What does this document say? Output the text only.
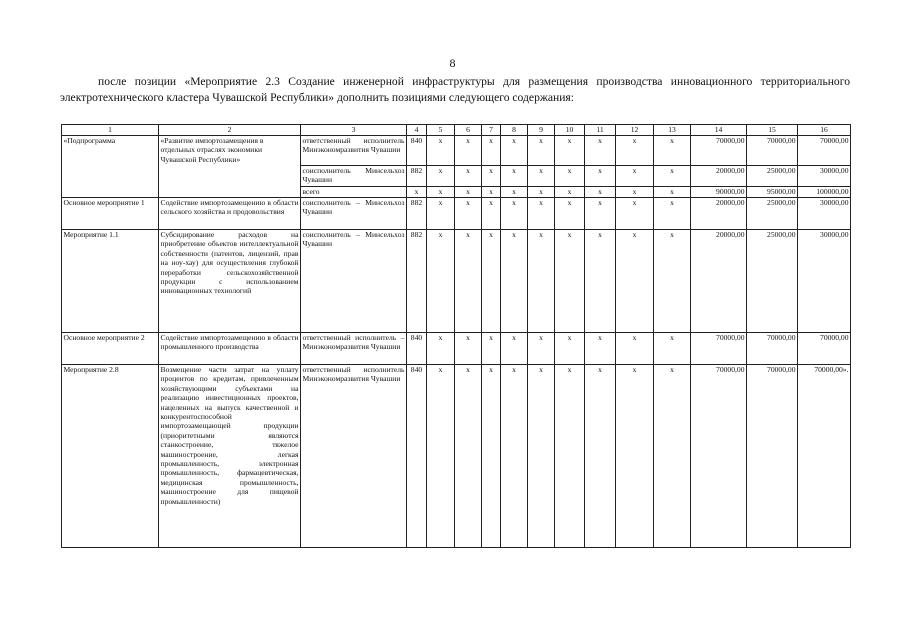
8

после позиции «Мероприятие 2.3 Создание инженерной инфраструктуры для размещения производства инновационного территориального электротехнического кластера Чувашской Республики» дополнить позициями следующего содержания:

1	2	3	4	5	6	7	8	9	10	11	12	13	14	15	16
«Подпрограмма	«Развитие импортозамещения в отдельных отраслях экономики Чувашской Республики»	ответственный исполнитель Минэкономразвития Чувашии	840	x	x	x	x	x	x	x	x	x	70000,00	70000,00	70000,00
		соисполнитель Минсельхоз Чувашии	882	x	x	x	x	x	x	x	x	x	20000,00	25000,00	30000,00
		всего	x	x	x	x	x	x	x	x	x	x	90000,00	95000,00	100000,00
Основное мероприятие 1	Содействие импортозамещению в области сельского хозяйства и продовольствия	соисполнитель – Минсельхоз Чувашии	882	x	x	x	x	x	x	x	x	x	20000,00	25000,00	30000,00
Мероприятие 1.1	Субсидирование расходов на приобретение объектов интеллектуальной собственности (патентов, лицензий, прав на ноу-хау) для осуществления глубокой переработки сельскохозяйственной продукции с использованием инновационных технологий	соисполнитель – Минсельхоз Чувашии	882	x	x	x	x	x	x	x	x	x	20000,00	25000,00	30000,00
Основное мероприятие 2	Содействие импортозамещению в области промышленного производства	ответственный исполнитель – Минэкономразвития Чувашии	840	x	x	x	x	x	x	x	x	x	70000,00	70000,00	70000,00
Мероприятие 2.8	Возмещение части затрат на уплату процентов по кредитам, привлеченным хозяйствующими субъектами на реализацию инвестиционных проектов, нацеленных на выпуск качественной и конкурентоспособной импортозамещающей продукции (приоритетными являются станкостроение, тяжелое машиностроение, легкая промышленность, электронная промышленность, фармацевтическая, медицинская промышленность, машиностроение для пищевой промышленности)	ответственный исполнитель Минэкономразвития Чувашии	840	x	x	x	x	x	x	x	x	x	70000,00	70000,00	70000,00».
